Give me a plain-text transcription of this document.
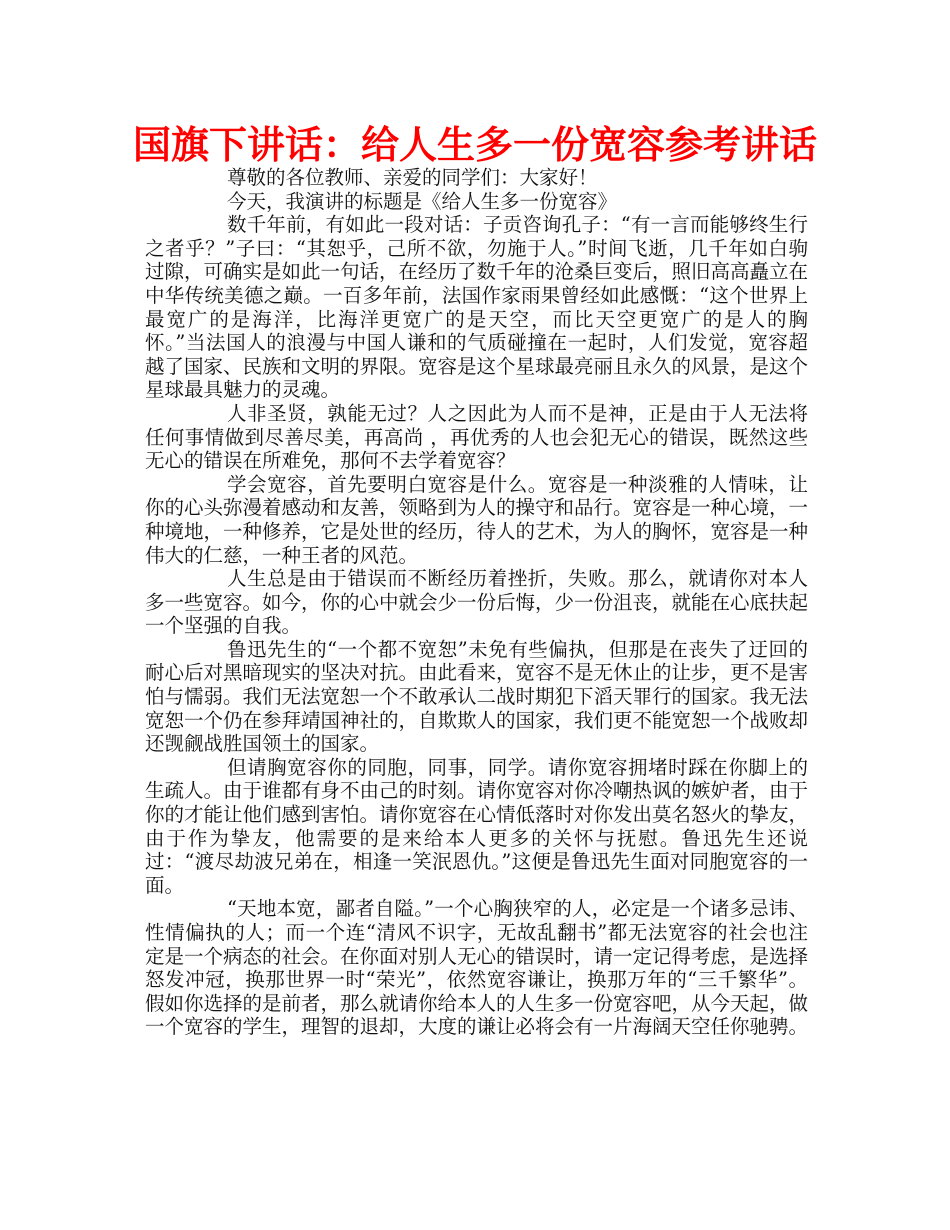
国旗下讲话：给人生多一份宽容参考讲话

尊敬的各位教师、亲爱的同学们：大家好！

今天，我演讲的标题是《给人生多一份宽容》

数千年前，有如此一段对话：子贡咨询孔子：“有一言而能够终生行之者乎？”子曰：“其恕乎，己所不欲，勿施于人。”时间飞逝，几千年如白驹过隙，可确实是如此一句话，在经历了数千年的沧桑巨变后，照旧高高矗立在中华传统美德之巅。一百多年前，法国作家雨果曾经如此感慨：“这个世界上最宽广的是海洋，比海洋更宽广的是天空，而比天空更宽广的是人的胸怀。”当法国人的浪漫与中国人谦和的气质碰撞在一起时，人们发觉，宽容超越了国家、民族和文明的界限。宽容是这个星球最亮丽且永久的风景，是这个星球最具魅力的灵魂。

人非圣贤，孰能无过？人之因此为人而不是神，正是由于人无法将任何事情做到尽善尽美，再高尚 ，再优秀的人也会犯无心的错误，既然这些无心的错误在所难免，那何不去学着宽容？

学会宽容，首先要明白宽容是什么。宽容是一种淡雅的人情味，让你的心头弥漫着感动和友善，领略到为人的操守和品行。宽容是一种心境，一种境地，一种修养，它是处世的经历，待人的艺术，为人的胸怀，宽容是一种伟大的仁慈，一种王者的风范。

人生总是由于错误而不断经历着挫折，失败。那么，就请你对本人多一些宽容。如今，你的心中就会少一份后悔，少一份沮丧，就能在心底扶起一个坚强的自我。

鲁迅先生的“一个都不宽恕”未免有些偏执，但那是在丧失了迂回的耐心后对黑暗现实的坚决对抗。由此看来，宽容不是无休止的让步，更不是害怕与懦弱。我们无法宽恕一个不敢承认二战时期犯下滔天罪行的国家。我无法宽恕一个仍在参拜靖国神社的，自欺欺人的国家，我们更不能宽恕一个战败却还觊觎战胜国领土的国家。

但请胸宽容你的同胞，同事，同学。请你宽容拥堵时踩在你脚上的生疏人。由于谁都有身不由己的时刻。请你宽容对你冷嘲热讽的嫉妒者，由于你的才能让他们感到害怕。请你宽容在心情低落时对你发出莫名怒火的挚友，由于作为挚友，他需要的是来给本人更多的关怀与抚慰。鲁迅先生还说过：“渡尽劫波兄弟在，相逢一笑泯恩仇。”这便是鲁迅先生面对同胞宽容的一面。

“天地本宽，鄙者自隘。”一个心胸狭窄的人，必定是一个诸多忌讳、性情偏执的人；而一个连“清风不识字，无故乱翻书”都无法宽容的社会也注定是一个病态的社会。在你面对别人无心的错误时，请一定记得考虑，是选择怒发冲冠，换那世界一时“荣光”，依然宽容谦让，换那万年的“三千繁华”。假如你选择的是前者，那么就请你给本人的人生多一份宽容吧，从今天起，做一个宽容的学生，理智的退却，大度的谦让必将会有一片海阔天空任你驰骋。
